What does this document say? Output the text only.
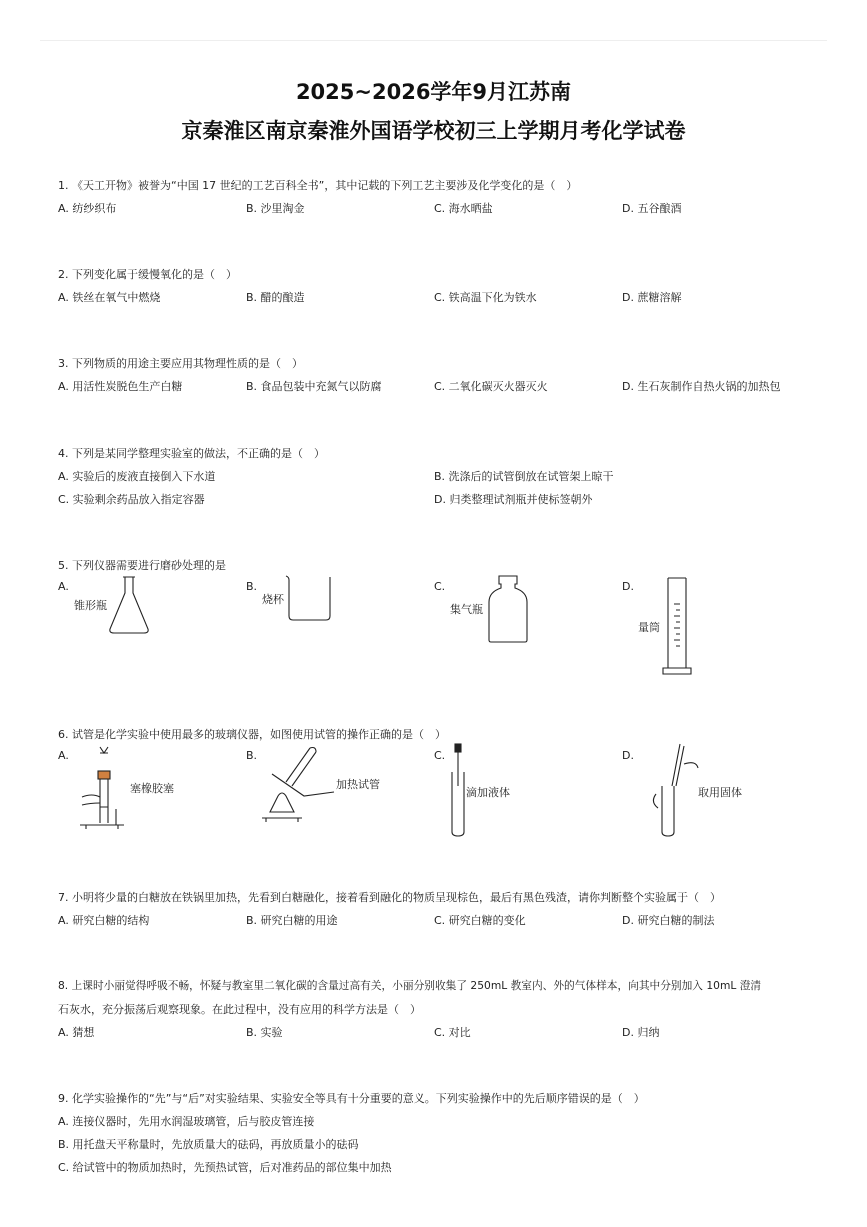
2025~2026学年9月江苏南
京秦淮区南京秦淮外国语学校初三上学期月考化学试卷
1. 《天工开物》被誉为“中国 17 世纪的工艺百科全书”，其中记载的下列工艺主要涉及化学变化的是（　）
A. 纺纱织布	B. 沙里淘金	C. 海水晒盐	D. 五谷酿酒
2. 下列变化属于缓慢氧化的是（　）
A. 铁丝在氧气中燃烧	B. 醋的酿造	C. 铁高温下化为铁水	D. 蔗糖溶解
3. 下列物质的用途主要应用其物理性质的是（　）
A. 用活性炭脱色生产白糖	B. 食品包装中充氮气以防腐	C. 二氧化碳灭火器灭火	D. 生石灰制作自热火锅的加热包
4. 下列是某同学整理实验室的做法，不正确的是（　）
A. 实验后的废液直接倒入下水道	B. 洗涤后的试管倒放在试管架上晾干
C. 实验剩余药品放入指定容器	D. 归类整理试剂瓶并使标签朝外
5. 下列仪器需要进行磨砂处理的是
A.
锥形瓶
B.
烧杯
C.
集气瓶
D.
量筒
6. 试管是化学实验中使用最多的玻璃仪器，如图使用试管的操作正确的是（　）
A.
塞橡胶塞
B.
加热试管
C.
滴加液体
D.
取用固体
7. 小明将少量的白糖放在铁锅里加热，先看到白糖融化，接着看到融化的物质呈现棕色，最后有黑色残渣，请你判断整个实验属于（　）
A. 研究白糖的结构	B. 研究白糖的用途	C. 研究白糖的变化	D. 研究白糖的制法
8. 上课时小丽觉得呼吸不畅，怀疑与教室里二氧化碳的含量过高有关，小丽分别收集了 250mL 教室内、外的气体样本，向其中分别加入 10mL 澄清
石灰水，充分振荡后观察现象。在此过程中，没有应用的科学方法是（　）
A. 猜想	B. 实验	C. 对比	D. 归纳
9. 化学实验操作的“先”与“后”对实验结果、实验安全等具有十分重要的意义。下列实验操作中的先后顺序错误的是（　）
A. 连接仪器时，先用水润湿玻璃管，后与胶皮管连接
B. 用托盘天平称量时，先放质量大的砝码，再放质量小的砝码
C. 给试管中的物质加热时，先预热试管，后对准药品的部位集中加热
